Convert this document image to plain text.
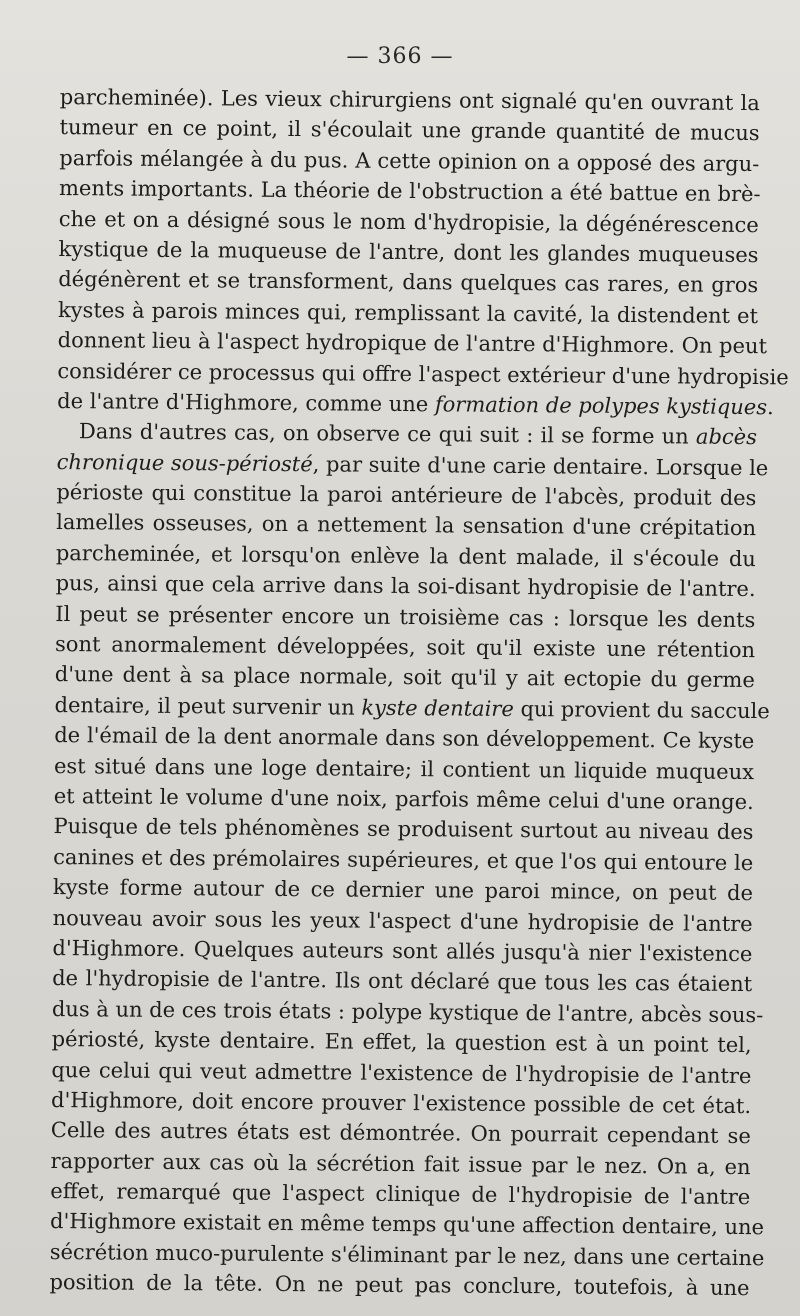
— 366 —
parcheminée). Les vieux chirurgiens ont signalé qu'en ouvrant la
tumeur en ce point, il s'écoulait une grande quantité de mucus
parfois mélangée à du pus. A cette opinion on a opposé des argu-
ments importants. La théorie de l'obstruction a été battue en brè-
che et on a désigné sous le nom d'hydropisie, la dégénérescence
kystique de la muqueuse de l'antre, dont les glandes muqueuses
dégénèrent et se transforment, dans quelques cas rares, en gros
kystes à parois minces qui, remplissant la cavité, la distendent et
donnent lieu à l'aspect hydropique de l'antre d'Highmore. On peut
considérer ce processus qui offre l'aspect extérieur d'une hydropisie
de l'antre d'Highmore, comme une formation de polypes kystiques.
Dans d'autres cas, on observe ce qui suit : il se forme un abcès
chronique sous-périosté, par suite d'une carie dentaire. Lorsque le
périoste qui constitue la paroi antérieure de l'abcès, produit des
lamelles osseuses, on a nettement la sensation d'une crépitation
parcheminée, et lorsqu'on enlève la dent malade, il s'écoule du
pus, ainsi que cela arrive dans la soi-disant hydropisie de l'antre.
Il peut se présenter encore un troisième cas : lorsque les dents
sont anormalement développées, soit qu'il existe une rétention
d'une dent à sa place normale, soit qu'il y ait ectopie du germe
dentaire, il peut survenir un kyste dentaire qui provient du saccule
de l'émail de la dent anormale dans son développement. Ce kyste
est situé dans une loge dentaire; il contient un liquide muqueux
et atteint le volume d'une noix, parfois même celui d'une orange.
Puisque de tels phénomènes se produisent surtout au niveau des
canines et des prémolaires supérieures, et que l'os qui entoure le
kyste forme autour de ce dernier une paroi mince, on peut de
nouveau avoir sous les yeux l'aspect d'une hydropisie de l'antre
d'Highmore. Quelques auteurs sont allés jusqu'à nier l'existence
de l'hydropisie de l'antre. Ils ont déclaré que tous les cas étaient
dus à un de ces trois états : polype kystique de l'antre, abcès sous-
périosté, kyste dentaire. En effet, la question est à un point tel,
que celui qui veut admettre l'existence de l'hydropisie de l'antre
d'Highmore, doit encore prouver l'existence possible de cet état.
Celle des autres états est démontrée. On pourrait cependant se
rapporter aux cas où la sécrétion fait issue par le nez. On a, en
effet, remarqué que l'aspect clinique de l'hydropisie de l'antre
d'Highmore existait en même temps qu'une affection dentaire, une
sécrétion muco-purulente s'éliminant par le nez, dans une certaine
position de la tête. On ne peut pas conclure, toutefois, à une
